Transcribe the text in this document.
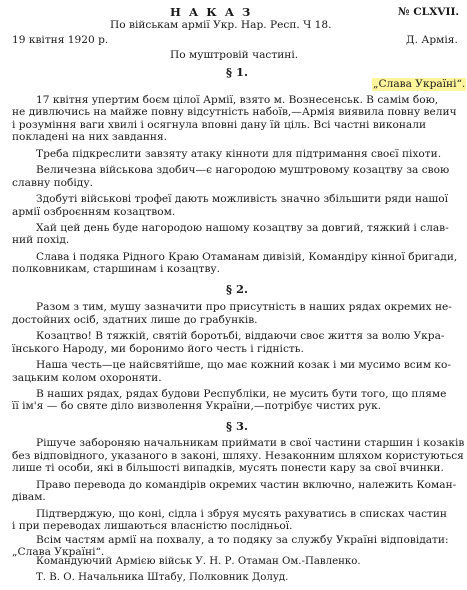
НАКАЗ	№ CLXVII.
По військам армії Укр. Нар. Респ. Ч 18.
19 квітня 1920 р.	Д. Армія.
По муштровій частині.
§ 1.
„Слава Україні“.
17 квітня упертим боєм цілої Армії, взято м. Вознесенськ. В самім бою,
не дивлючись на майже повну відсутність набоїв,—Армія виявила повну велич
і розуміння ваги хвилі і осягнула вповні дану їй ціль. Всі частні виконали
покладені на них завдання.
Треба підкреслити завзяту атаку кінноти для підтримання своєї піхоти.
Величезна військова здобич—є нагородою муштровому козацтву за свою
славну побіду.
Здобуті військові трофеї дають можливість значно збільшити ряди нашої
армії озброєнням козацтвом.
Хай цей день буде нагородою нашому козацтву за довгий, тяжкий і слав-
ний похід.
Слава і подяка Рідного Краю Отаманам дивізій, Командіру кінної бригади,
полковникам, старшинам і козацтву.
§ 2.
Разом з тим, мушу зазначити про присутність в наших рядах окремих не-
достойних осіб, здатних лише до грабунків.
Козацтво! В тяжкій, святій боротьбі, віддаючи своє життя за волю Укра-
їнського Народу, ми боронимо його честь і гідність.
Наша честь—це найсвятійше, що має кожний козак і ми мусимо всим ко-
зацьким колом охороняти.
В наших рядах, рядах будови Республіки, не мусить бути того, що пляме
її ім'я — бо святе діло визволення України,—потрібує чистих рук.
§ 3.
Рішуче забороняю начальникам приймати в свої частини старшин і козаків
без відповідного, указаного в законі, шляху. Незаконним шляхом користуються
лише ті особи, які в більшості випадків, мусять понести кару за свої вчинки.
Право перевода до командірів окремих частин включно, належить Коман-
дівам.
Підтверджую, що коні, сідла і збруя мусять рахуватись в списках частин
і при переводах лишаються власністю послідньої.
Всім частям армії на похвалу, а то подяку за службу Україні відповідати:
„Слава Україні“.
Командуючий Армією військ У. Н. Р. Отаман Ом.-Павленко.
Т. В. О. Начальника Штабу, Полковник Долуд.
